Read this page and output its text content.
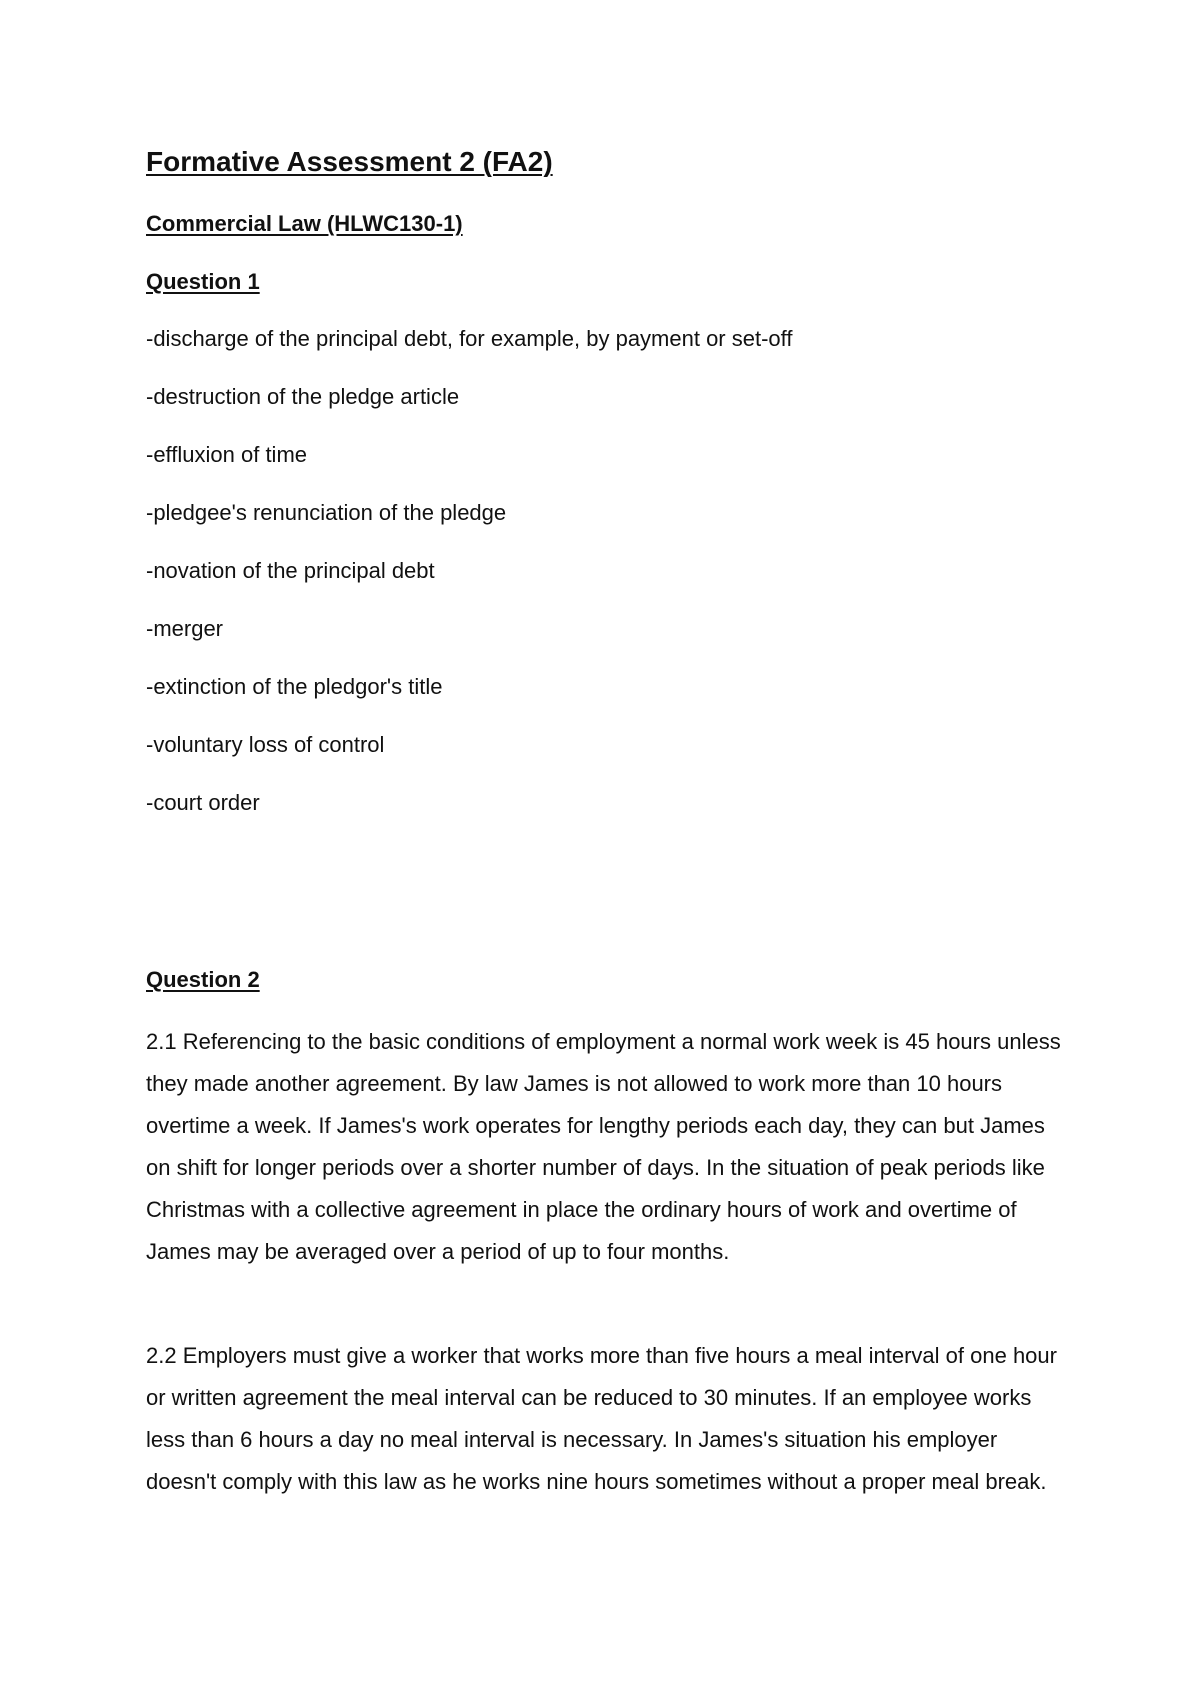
Formative Assessment 2 (FA2)
Commercial Law (HLWC130-1)
Question 1
-discharge of the principal debt, for example, by payment or set-off
-destruction of the pledge article
-effluxion of time
-pledgee's renunciation of the pledge
-novation of the principal debt
-merger
-extinction of the pledgor's title
-voluntary loss of control
-court order
Question 2

2.1 Referencing to the basic conditions of employment a normal work week is 45 hours unless they made another agreement. By law James is not allowed to work more than 10 hours overtime a week. If James's work operates for lengthy periods each day, they can but James on shift for longer periods over a shorter number of days. In the situation of peak periods like Christmas with a collective agreement in place the ordinary hours of work and overtime of James may be averaged over a period of up to four months.

2.2 Employers must give a worker that works more than five hours a meal interval of one hour or written agreement the meal interval can be reduced to 30 minutes. If an employee works less than 6 hours a day no meal interval is necessary. In James's situation his employer doesn't comply with this law as he works nine hours sometimes without a proper meal break.
